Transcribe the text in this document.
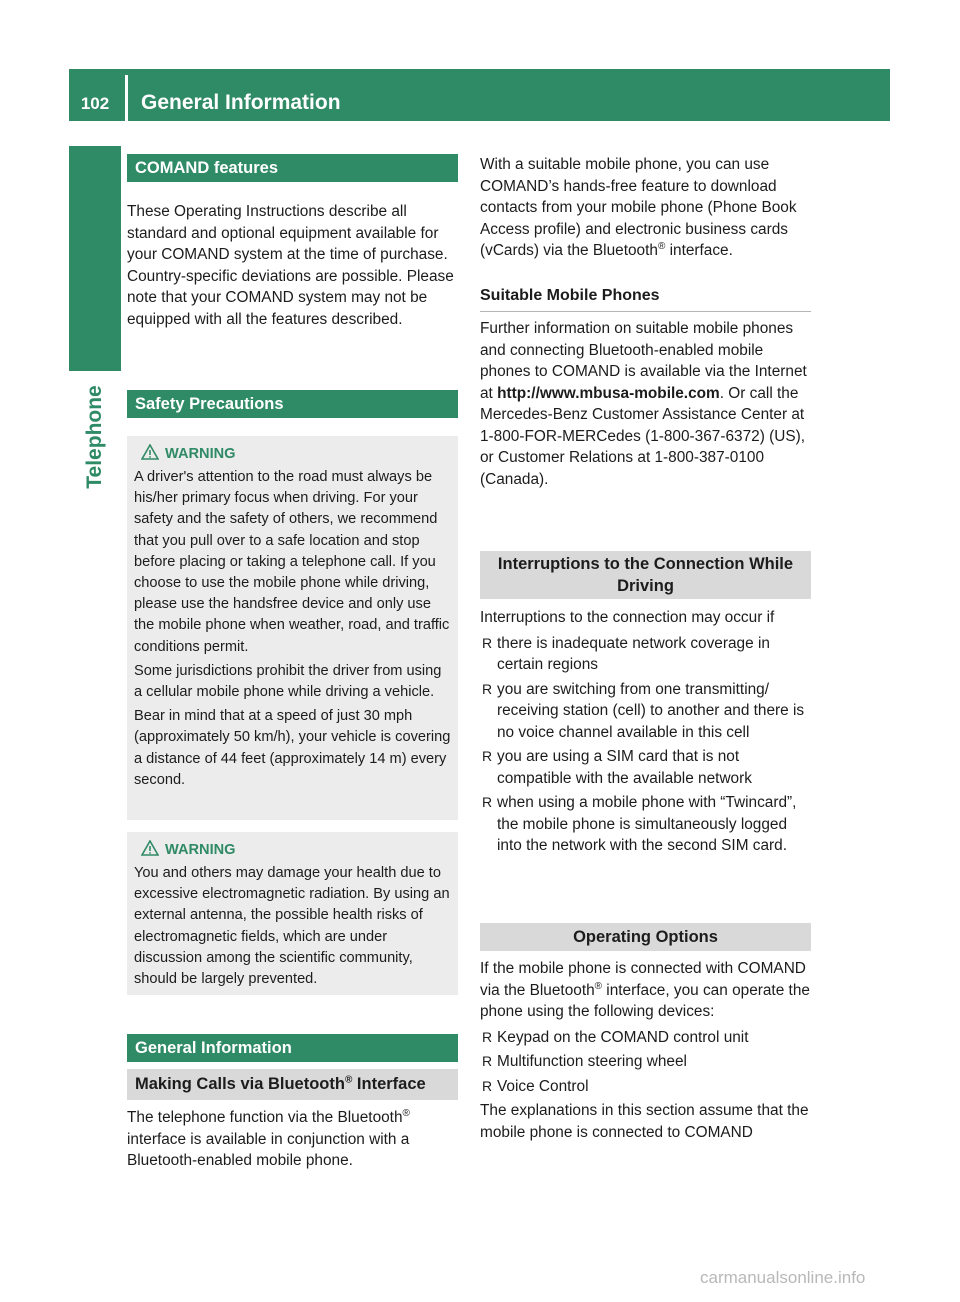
102	General Information
Telephone
COMAND features

These Operating Instructions describe all standard and optional equipment available for your COMAND system at the time of purchase. Country-specific deviations are possible. Please note that your COMAND system may not be equipped with all the features described.

Safety Precautions
WARNING

A driver's attention to the road must always be his/her primary focus when driving. For your safety and the safety of others, we recommend that you pull over to a safe location and stop before placing or taking a telephone call. If you choose to use the mobile phone while driving, please use the handsfree device and only use the mobile phone when weather, road, and traffic conditions permit.

Some jurisdictions prohibit the driver from using a cellular mobile phone while driving a vehicle.

Bear in mind that at a speed of just 30 mph (approximately 50 km/h), your vehicle is covering a distance of 44 feet (approximately 14 m) every second.

WARNING

You and others may damage your health due to excessive electromagnetic radiation. By using an external antenna, the possible health risks of electromagnetic fields, which are under discussion among the scientific community, should be largely prevented.

General Information
Making Calls via Bluetooth® Interface

The telephone function via the Bluetooth® interface is available in conjunction with a Bluetooth-enabled mobile phone.

With a suitable mobile phone, you can use COMAND’s hands-free feature to download contacts from your mobile phone (Phone Book Access profile) and electronic business cards (vCards) via the Bluetooth® interface.

Suitable Mobile Phones

Further information on suitable mobile phones and connecting Bluetooth-enabled mobile phones to COMAND is available via the Internet at http://www.mbusa-mobile.com. Or call the Mercedes-Benz Customer Assistance Center at 1-800-FOR-MERCedes (1-800-367-6372) (US), or Customer Relations at 1-800-387-0100 (Canada).

Interruptions to the Connection While Driving

Interruptions to the connection may occur if

R there is inadequate network coverage in certain regions
R you are switching from one transmitting/ receiving station (cell) to another and there is no voice channel available in this cell
R you are using a SIM card that is not compatible with the available network
R when using a mobile phone with “Twincard”, the mobile phone is simultaneously logged into the network with the second SIM card.
Operating Options

If the mobile phone is connected with COMAND via the Bluetooth® interface, you can operate the phone using the following devices:

R Keypad on the COMAND control unit
R Multifunction steering wheel
R Voice Control

The explanations in this section assume that the mobile phone is connected to COMAND

carmanualsonline.info
